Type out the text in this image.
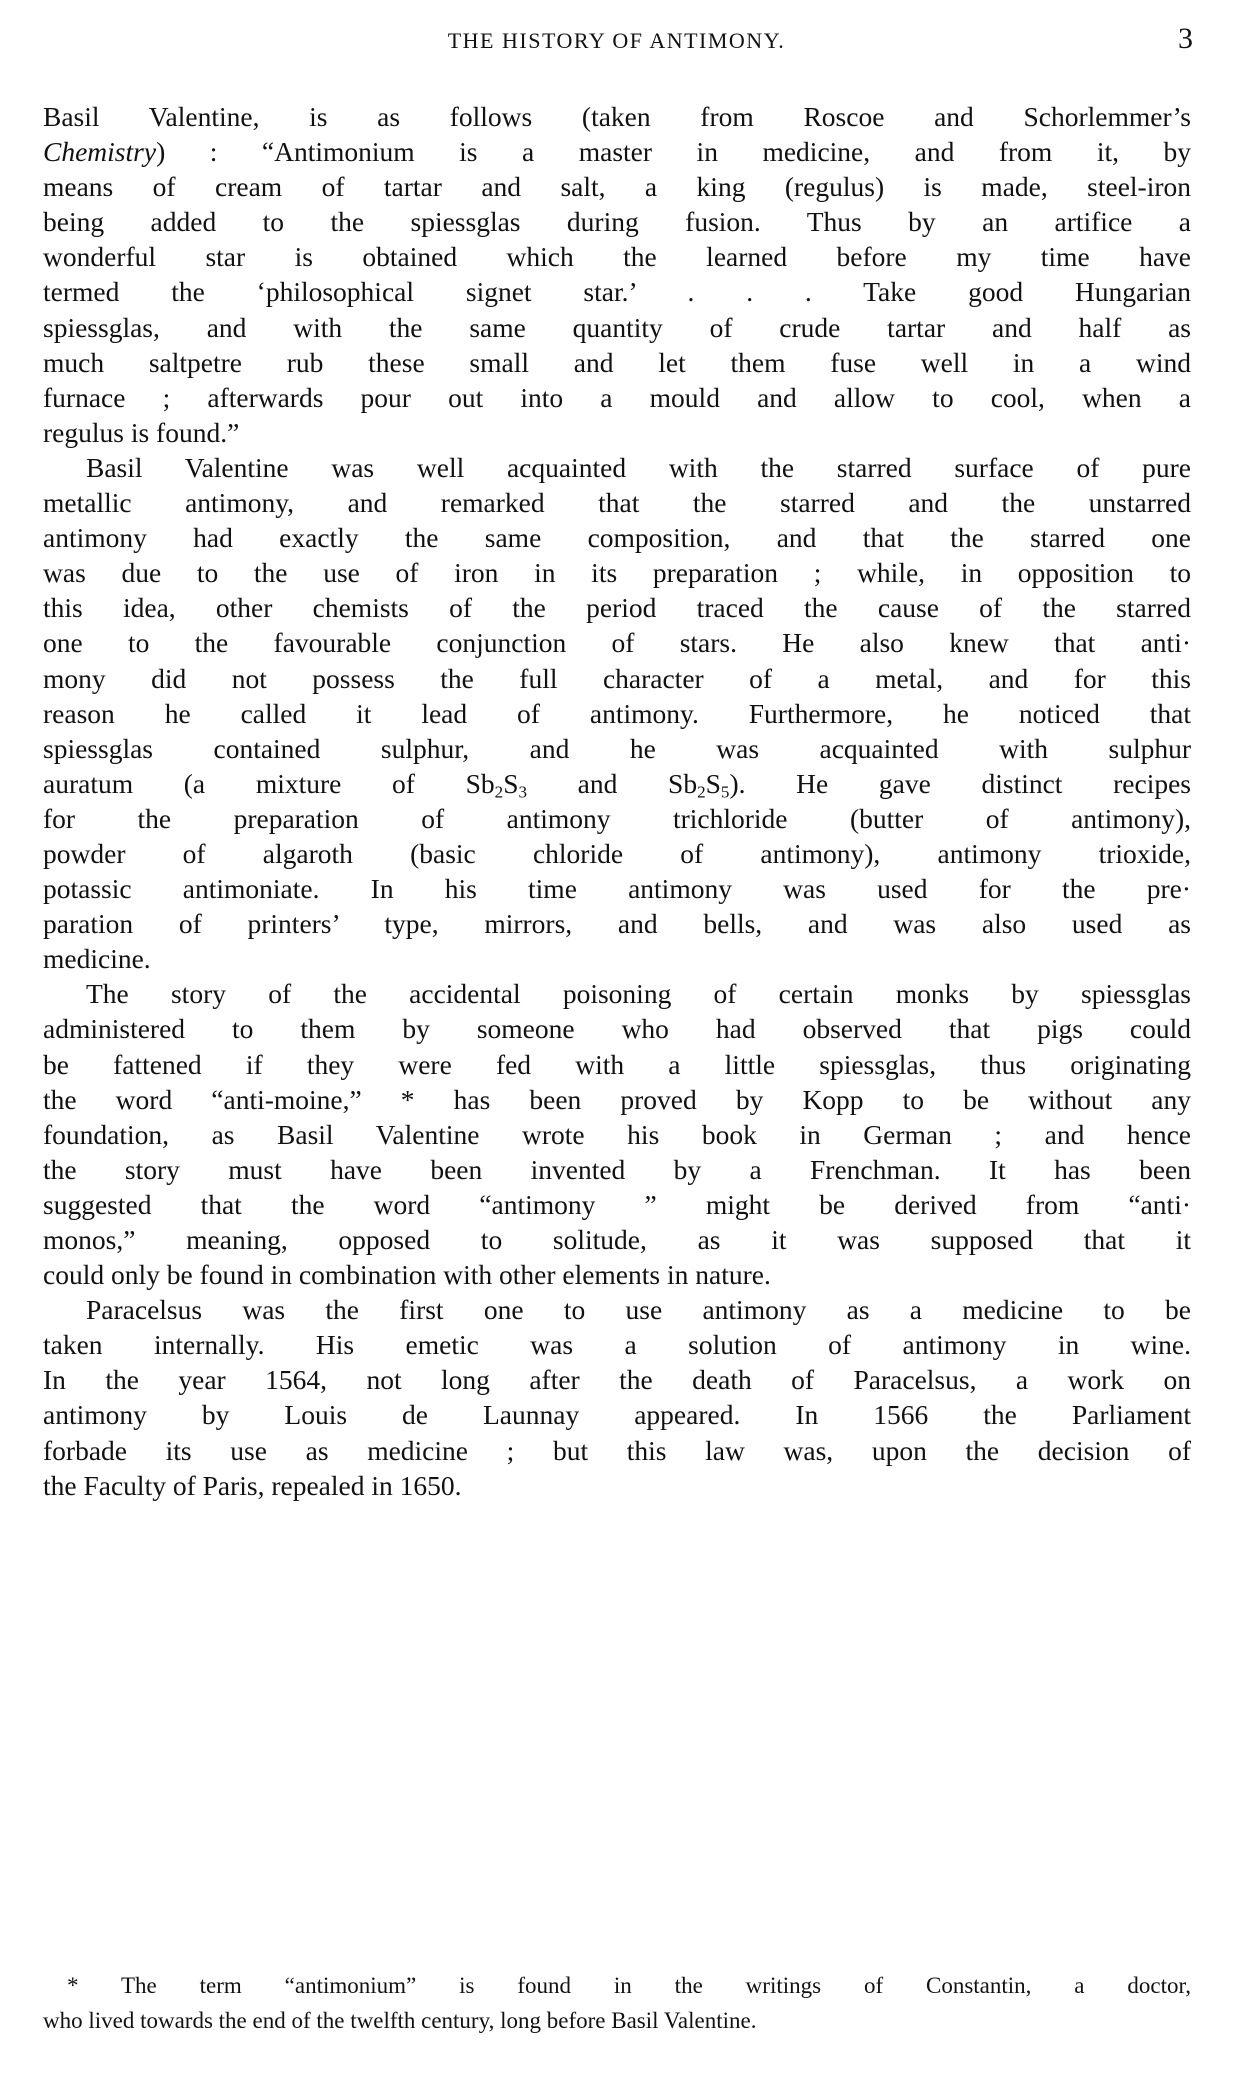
THE HISTORY OF ANTIMONY.	3
Basil Valentine, is as follows (taken from Roscoe and Schorlemmer’s
Chemistry) : “Antimonium is a master in medicine, and from it, by
means of cream of tartar and salt, a king (regulus) is made, steel-iron
being added to the spiessglas during fusion. Thus by an artifice a
wonderful star is obtained which the learned before my time have
termed the ‘philosophical signet star.’ . . . Take good Hungarian
spiessglas, and with the same quantity of crude tartar and half as
much saltpetre rub these small and let them fuse well in a wind
furnace ; afterwards pour out into a mould and allow to cool, when a
regulus is found.”
Basil Valentine was well acquainted with the starred surface of pure
metallic antimony, and remarked that the starred and the unstarred
antimony had exactly the same composition, and that the starred one
was due to the use of iron in its preparation ; while, in opposition to
this idea, other chemists of the period traced the cause of the starred
one to the favourable conjunction of stars. He also knew that anti·
mony did not possess the full character of a metal, and for this
reason he called it lead of antimony. Furthermore, he noticed that
spiessglas contained sulphur, and he was acquainted with sulphur
auratum (a mixture of $Sb_2S_3$ and $Sb_2S_5$). He gave distinct recipes
for the preparation of antimony trichloride (butter of antimony),
powder of algaroth (basic chloride of antimony), antimony trioxide,
potassic antimoniate. In his time antimony was used for the pre·
paration of printers’ type, mirrors, and bells, and was also used as
medicine.
The story of the accidental poisoning of certain monks by spiessglas
administered to them by someone who had observed that pigs could
be fattened if they were fed with a little spiessglas, thus originating
the word “anti-moine,” * has been proved by Kopp to be without any
foundation, as Basil Valentine wrote his book in German ; and hence
the story must have been invented by a Frenchman. It has been
suggested that the word “antimony ” might be derived from “anti·
monos,” meaning, opposed to solitude, as it was supposed that it
could only be found in combination with other elements in nature.
Paracelsus was the first one to use antimony as a medicine to be
taken internally. His emetic was a solution of antimony in wine.
In the year 1564, not long after the death of Paracelsus, a work on
antimony by Louis de Launnay appeared. In 1566 the Parliament
forbade its use as medicine ; but this law was, upon the decision of
the Faculty of Paris, repealed in 1650.
* The term “antimonium” is found in the writings of Constantin, a doctor,
who lived towards the end of the twelfth century, long before Basil Valentine.
